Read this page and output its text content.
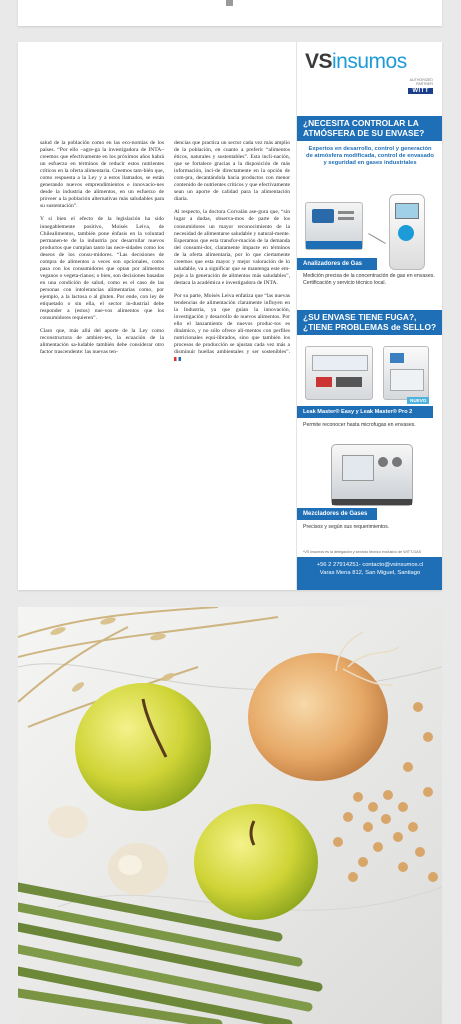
salud de la población como en las eco-nomías de los países. “Por ello –agre-ga la investigadora de INTA– creemos que efectivamente en los próximos años habrá un esfuerzo en términos de reducir estos nutrientes críticos en la oferta alimentaria. Creemos tam-bién que, como respuesta a la Ley y a estos llamados, se están generando nuevos emprendimientos e innovacio-nes desde la industria de alimentos, en un esfuerzo de proveer a la población alternativas más saludables para su sustentación”.

Y si bien el efecto de la legislación ha sido innegablemente positivo, Moisés Leiva, de Chilealimentos, también pone énfasis en la voluntad permanen-te de la industria por desarrollar nuevos productos que cumplan tanto las nece-sidades como los deseos de los consu-midores. “Las decisiones de compra de alimentos a veces son opcionales, como pasa con los consumidores que optan por alimentos veganos o vegeta-rianos; o bien, son decisiones basadas en una condición de salud, como es el caso de las personas con intolerancias alimentarias como, por ejemplo, a la lactosa o al gluten. Por ende, con ley de etiquetado o sin ella, el sector in-dustrial debe responder a (estos) nue-vos alimentos que los consumidores requieren”.

Claro que, más allá del aporte de la Ley como reconstructora de ambien-tes, la ecuación de la alimentación sa-ludable también debe considerar otro factor trascendente: las nuevas ten-

dencias que practica un sector cada vez más amplio de la población, en cuanto a preferir “alimentos éticos, naturales y sustentables”. Esta incli-nación, que se fortalece gracias a la disposición de más información, inci-de directamente en la opción de com-pra, decantándola hacia productos con menor contenido de nutrientes críticos y que efectivamente sean un aporte de calidad para la alimentación diaria.

Al respecto, la doctora Corvalán ase-gura que, “sin lugar a dudas, observa-mos de parte de los consumidores un mayor reconocimiento de la necesidad de alimentarse saludable y natural-mente. Esperamos que esta transfor-mación de la demanda del consumi-dor, claramente impacte en términos de la oferta alimentaria, por lo que ciertamente creemos que esta mayor y mejor valoración de lo saludable, va a significar que se mantenga este em-puje a la generación de alimentos más saludables”, destaca la académica e investigadora de INTA.

Por su parte, Moisés Leiva enfatiza que “las nuevas tendencias de alimentación claramente influyen en la Industria, ya que guían la innovación, investigación y desarrollo de nuevos alimentos. Por ello el lanzamiento de nuevos produc-tos es dinámico, y no sólo ofrece ali-mentos con perfiles nutricionales equi-librados, sino que también los procesos de producción se ajustan cada vez más a disminuir huellas ambientales y ser sostenibles”.

VSinsumos
AUTHORIZED
PARTNER
WITT
¿NECESITA CONTROLAR LA ATMÓSFERA DE SU ENVASE?
Expertos en desarrollo, control y generación de atmósfera modificada, control de envasado y seguridad en gases industriales
Analizadores de Gas
Medición precisa de la concentración de gas en envases. Certificación y servicio técnico local.
¿SU ENVASE TIENE FUGA?, ¿TIENE PROBLEMAS de SELLO?
NUEVO
Leak Master® Easy y Leak Master® Pro 2
Permite reconocer hasta microfugas en envases.
Mezcladores de Gases
Precisos y según sus requerimientos.
*VS insumos es la delegación y servicio técnico exclusivo de WITT-GAS
+56 2 27914251- contacto@vsinsumos.cl
Varas Mena 812, San Miguel, Santiago
